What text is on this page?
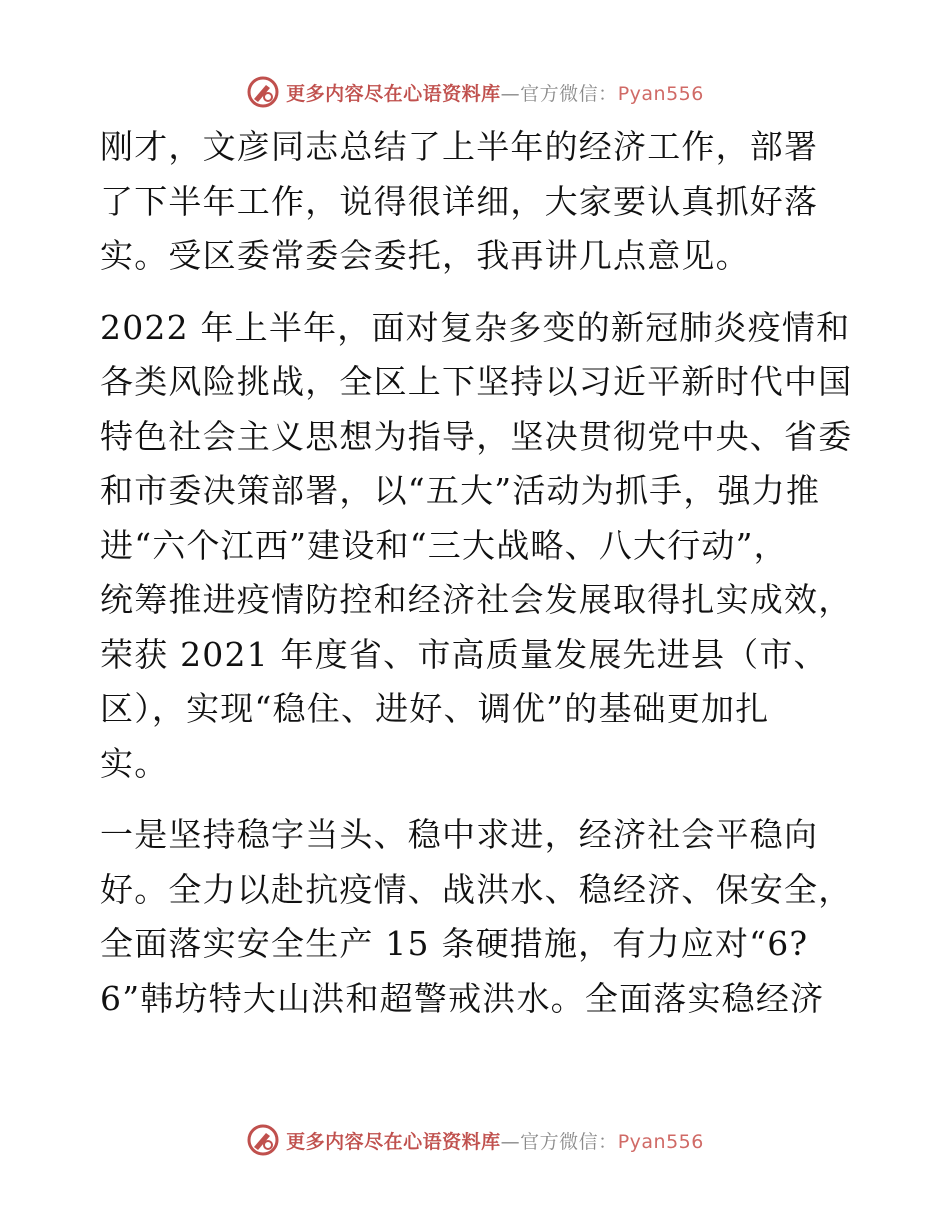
更多内容尽在心语资料库—官方微信：Pyan556

刚才，文彦同志总结了上半年的经济工作，部署
了下半年工作，说得很详细，大家要认真抓好落
实。受区委常委会委托，我再讲几点意见。

2022 年上半年，面对复杂多变的新冠肺炎疫情和
各类风险挑战，全区上下坚持以习近平新时代中国
特色社会主义思想为指导，坚决贯彻党中央、省委
和市委决策部署，以“五大”活动为抓手，强力推
进“六个江西”建设和“三大战略、八大行动”，
统筹推进疫情防控和经济社会发展取得扎实成效，
荣获 2021 年度省、市高质量发展先进县（市、
区），实现“稳住、进好、调优”的基础更加扎
实。

一是坚持稳字当头、稳中求进，经济社会平稳向
好。全力以赴抗疫情、战洪水、稳经济、保安全，
全面落实安全生产 15 条硬措施，有力应对“6?
6”韩坊特大山洪和超警戒洪水。全面落实稳经济

更多内容尽在心语资料库—官方微信：Pyan556
